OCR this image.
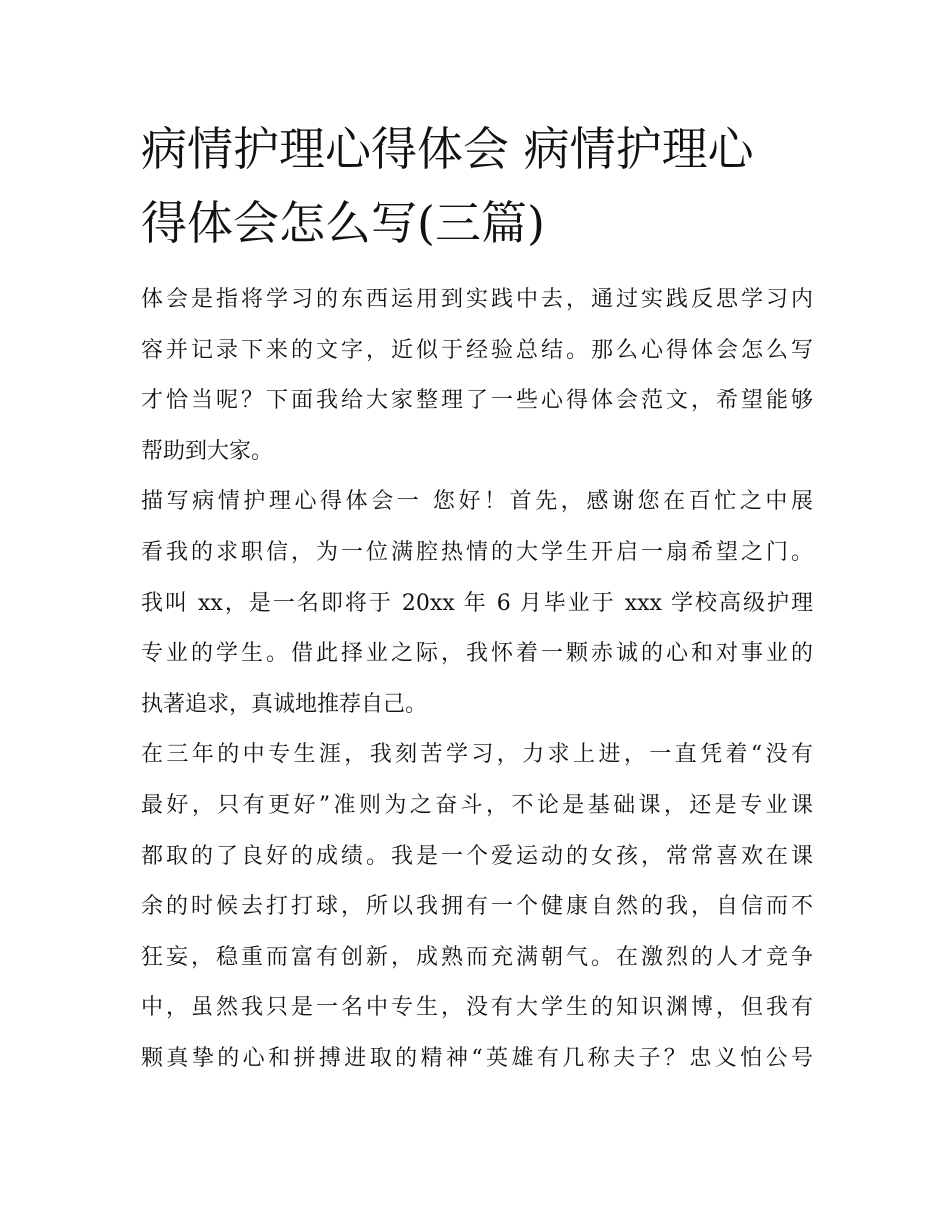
病情护理心得体会 病情护理心
得体会怎么写(三篇)

体会是指将学习的东西运用到实践中去，通过实践反思学习内
容并记录下来的文字，近似于经验总结。那么心得体会怎么写
才恰当呢？下面我给大家整理了一些心得体会范文，希望能够
帮助到大家。

描写病情护理心得体会一 您好！首先，感谢您在百忙之中展
看我的求职信，为一位满腔热情的大学生开启一扇希望之门。
我叫 xx，是一名即将于 20xx 年 6 月毕业于 xxx 学校高级护理
专业的学生。借此择业之际，我怀着一颗赤诚的心和对事业的
执著追求，真诚地推荐自己。

在三年的中专生涯，我刻苦学习，力求上进，一直凭着“没有
最好，只有更好”准则为之奋斗，不论是基础课，还是专业课
都取的了良好的成绩。我是一个爱运动的女孩，常常喜欢在课
余的时候去打打球，所以我拥有一个健康自然的我，自信而不
狂妄，稳重而富有创新，成熟而充满朝气。在激烈的人才竞争
中，虽然我只是一名中专生，没有大学生的知识渊博，但我有
颗真挚的心和拼搏进取的精神“英雄有几称夫子？忠义怕公号
